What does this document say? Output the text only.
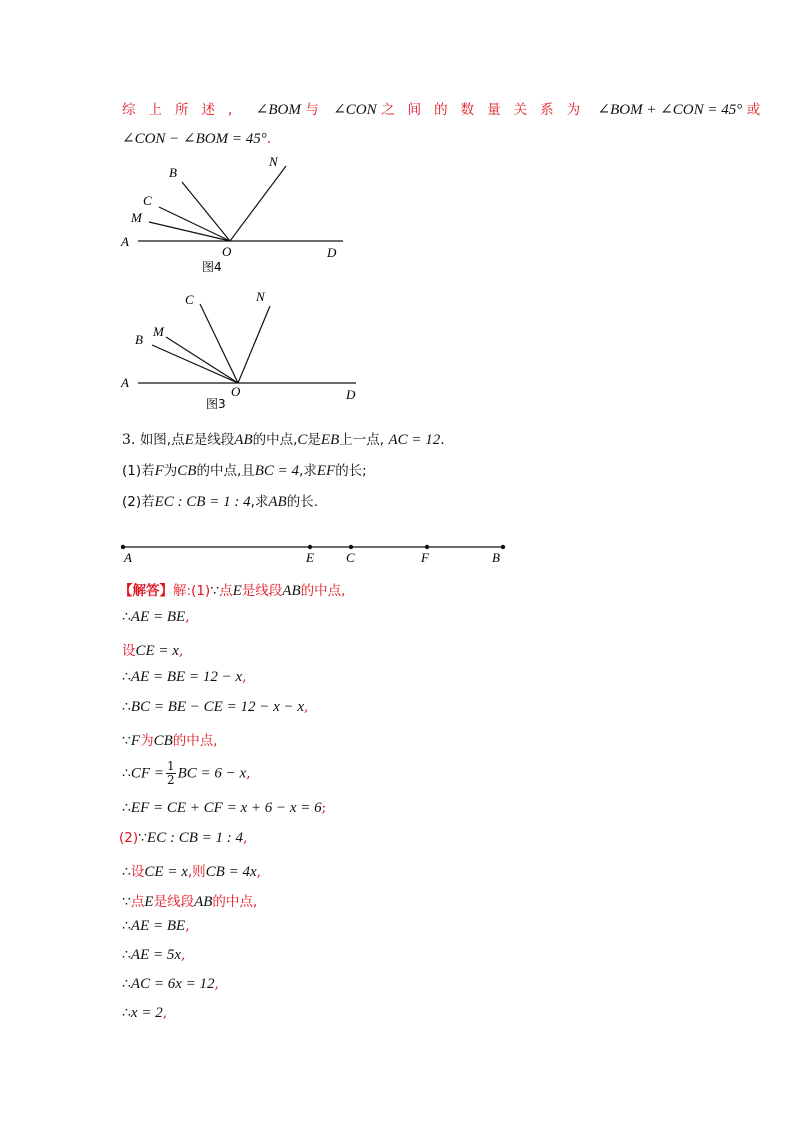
综上所述, ∠BOM 与 ∠CON 之间的数量关系为 ∠BOM + ∠CON = 45° 或
∠CON − ∠BOM = 45°.
A
O	D
M
C
B
N
图4
A
O	D
B
M
C	N
图3
3. 如图,点E是线段AB的中点,C是EB上一点, AC = 12.
(1)若F为CB的中点,且BC = 4,求EF的长;
(2)若EC : CB = 1 : 4,求AB的长.
A	E C	F	B
【解答】解:(1)∵点E是线段AB的中点,
∴AE = BE,
设CE = x,
∴AE = BE = 12 − x,
∴BC = BE − CE = 12 − x − x,
∵F为CB的中点,
∴CF = $\frac{1}{2}$ BC = 6 − x,
∴EF = CE + CF = x + 6 − x = 6;
(2)∵EC : CB = 1 : 4,
∴设CE = x,则CB = 4x,
∵点E是线段AB的中点,
∴AE = BE,
∴AE = 5x,
∴AC = 6x = 12,
∴x = 2,
